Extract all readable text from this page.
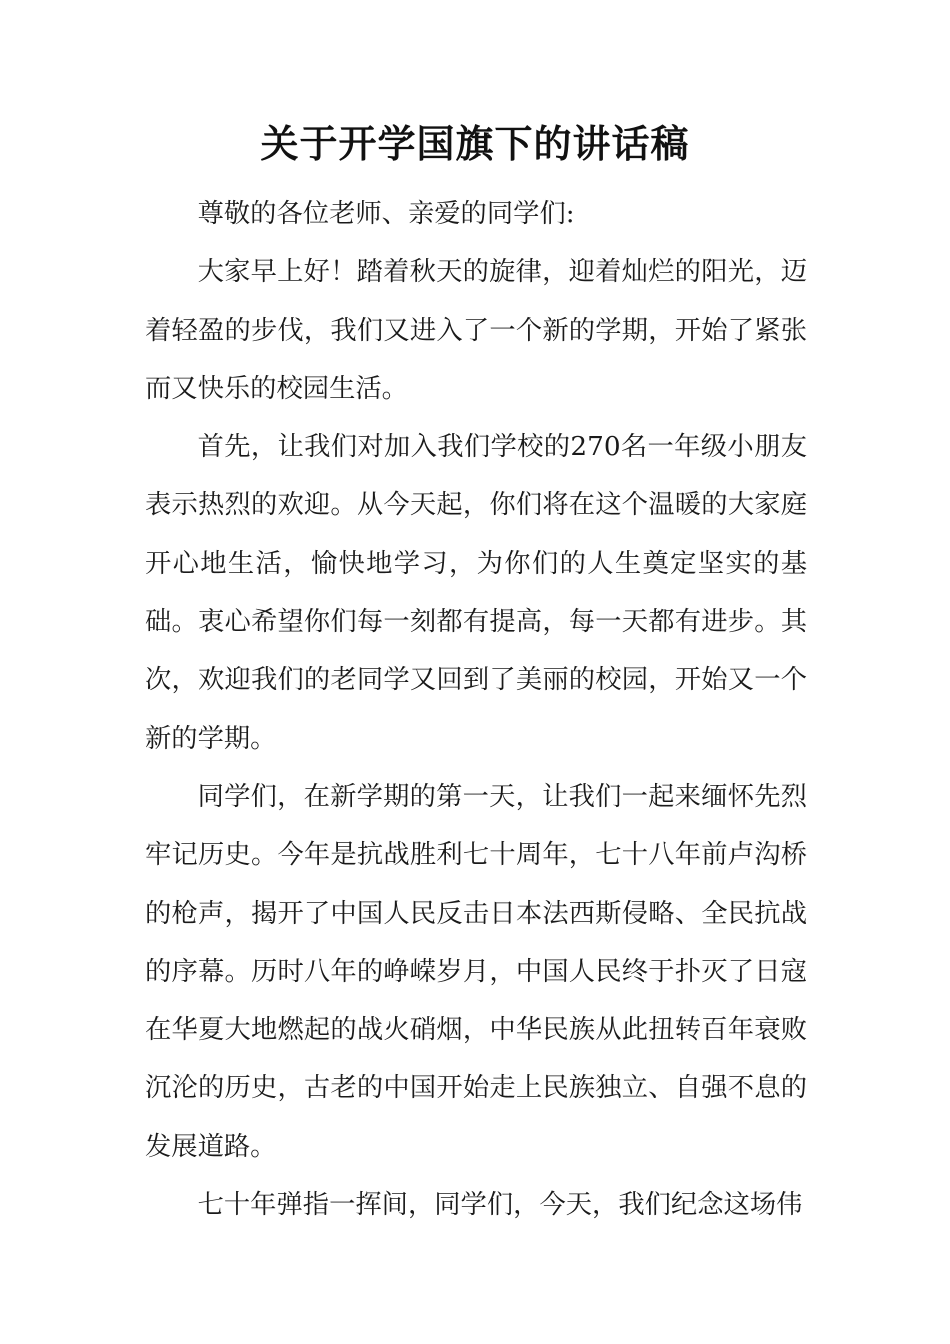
关于开学国旗下的讲话稿

尊敬的各位老师、亲爱的同学们:

大家早上好！踏着秋天的旋律，迎着灿烂的阳光，迈着轻盈的步伐，我们又进入了一个新的学期，开始了紧张而又快乐的校园生活。

首先，让我们对加入我们学校的270名一年级小朋友表示热烈的欢迎。从今天起，你们将在这个温暖的大家庭开心地生活，愉快地学习，为你们的人生奠定坚实的基础。衷心希望你们每一刻都有提高，每一天都有进步。其次，欢迎我们的老同学又回到了美丽的校园，开始又一个新的学期。

同学们，在新学期的第一天，让我们一起来缅怀先烈牢记历史。今年是抗战胜利七十周年，七十八年前卢沟桥的枪声，揭开了中国人民反击日本法西斯侵略、全民抗战的序幕。历时八年的峥嵘岁月，中国人民终于扑灭了日寇在华夏大地燃起的战火硝烟，中华民族从此扭转百年衰败沉沦的历史，古老的中国开始走上民族独立、自强不息的发展道路。

七十年弹指一挥间，同学们，今天，我们纪念这场伟
